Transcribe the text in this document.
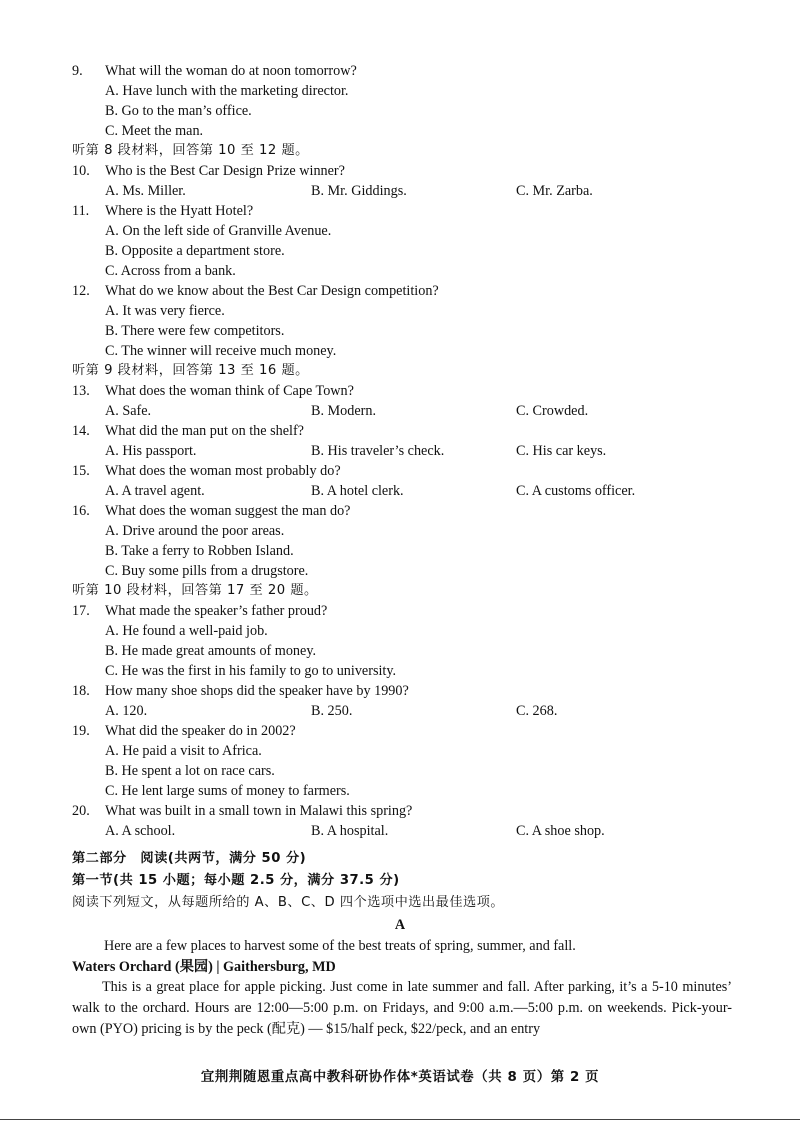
9. What will the woman do at noon tomorrow?
A. Have lunch with the marketing director.
B. Go to the man’s office.
C. Meet the man.
听第 8 段材料，回答第 10 至 12 题。
10. Who is the Best Car Design Prize winner?
A. Ms. Miller.	B. Mr. Giddings.	C. Mr. Zarba.
11. Where is the Hyatt Hotel?
A. On the left side of Granville Avenue.
B. Opposite a department store.
C. Across from a bank.
12. What do we know about the Best Car Design competition?
A. It was very fierce.
B. There were few competitors.
C. The winner will receive much money.
听第 9 段材料，回答第 13 至 16 题。
13. What does the woman think of Cape Town?
A. Safe.	B. Modern.	C. Crowded.
14. What did the man put on the shelf?
A. His passport.	B. His traveler’s check.	C. His car keys.
15. What does the woman most probably do?
A. A travel agent.	B. A hotel clerk.	C. A customs officer.
16. What does the woman suggest the man do?
A. Drive around the poor areas.
B. Take a ferry to Robben Island.
C. Buy some pills from a drugstore.
听第 10 段材料，回答第 17 至 20 题。
17. What made the speaker’s father proud?
A. He found a well-paid job.
B. He made great amounts of money.
C. He was the first in his family to go to university.
18. How many shoe shops did the speaker have by 1990?
A. 120.	B. 250.	C. 268.
19. What did the speaker do in 2002?
A. He paid a visit to Africa.
B. He spent a lot on race cars.
C. He lent large sums of money to farmers.
20. What was built in a small town in Malawi this spring?
A. A school.	B. A hospital.	C. A shoe shop.
第二部分　阅读(共两节，满分 50 分)
第一节(共 15 小题；每小题 2.5 分，满分 37.5 分)
阅读下列短文，从每题所给的 A、B、C、D 四个选项中选出最佳选项。
A
Here are a few places to harvest some of the best treats of spring, summer, and fall.
Waters Orchard (果园) | Gaithersburg, MD
This is a great place for apple picking. Just come in late summer and fall. After parking, it’s a 5-10 minutes’ walk to the orchard. Hours are 12:00—5:00 p.m. on Fridays, and 9:00 a.m.—5:00 p.m. on weekends. Pick-your-own (PYO) pricing is by the peck (配克) — $15/half peck, $22/peck, and an entry
宜荆荆随恩重点高中教科研协作体*英语试卷（共 8 页）第 2 页
